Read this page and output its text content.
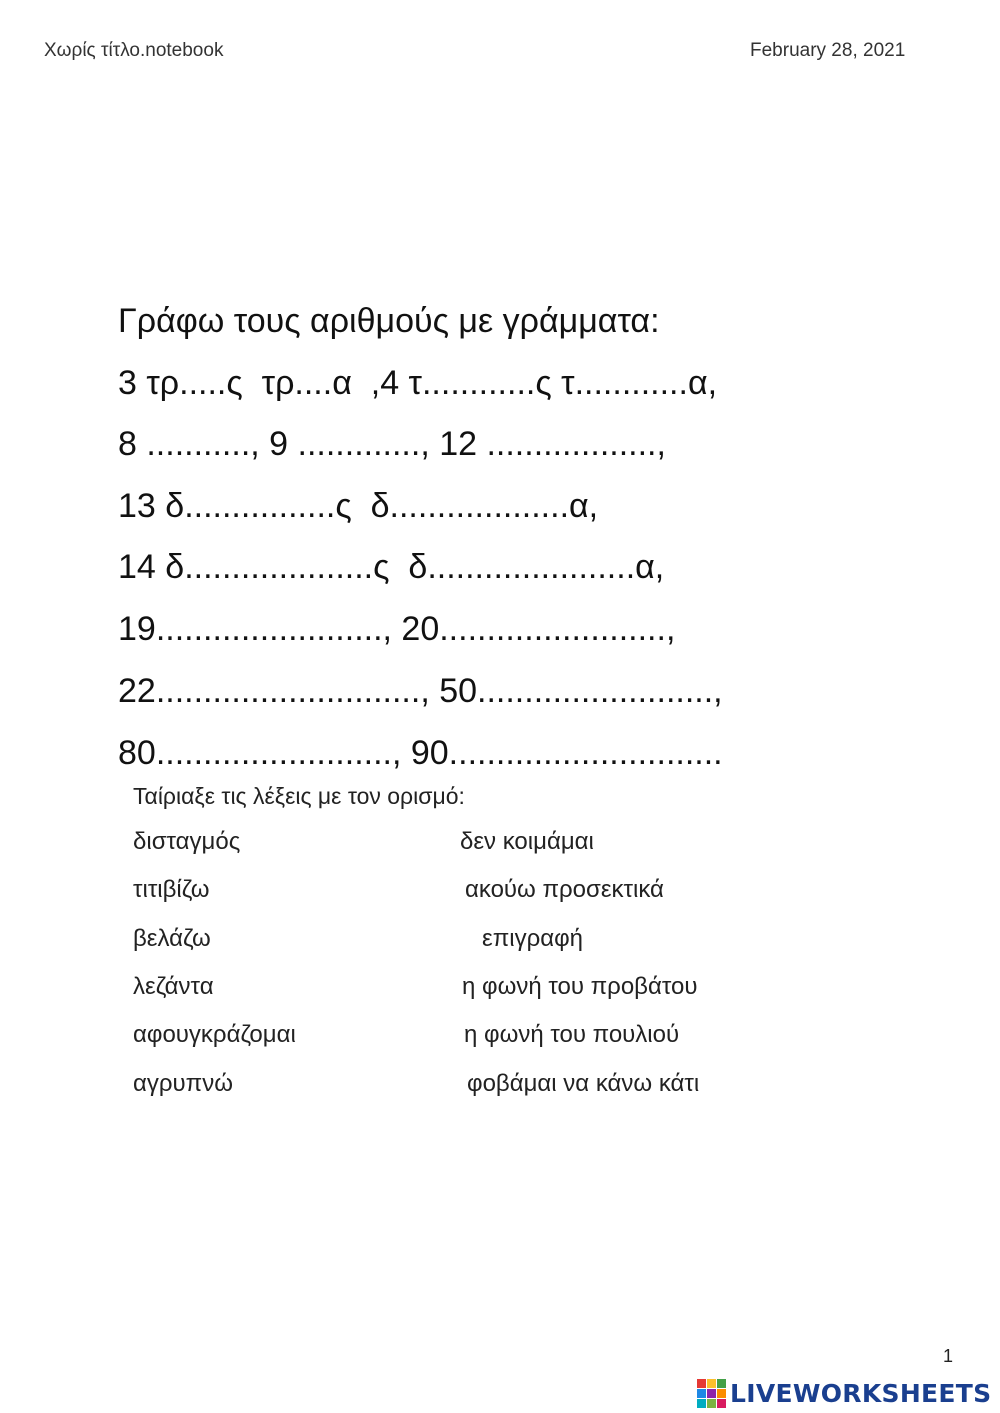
Χωρίς τίτλο.notebook	February 28, 2021
Γράφω τους αριθμούς με γράμματα:
3 τρ.....ς  τρ....α  ,4 τ............ς τ............α,
8 ..........., 9 ............., 12 ..................,
13 δ................ς  δ...................α,
14 δ....................ς  δ......................α,
19........................, 20........................,
22............................, 50.........................,
80........................., 90.............................
Ταίριαξε τις λέξεις με τον ορισμό:
δισταγμός	δεν κοιμάμαι
τιτιβίζω	ακούω προσεκτικά
βελάζω	επιγραφή
λεζάντα	η φωνή του προβάτου
αφουγκράζομαι	η φωνή του πουλιού
αγρυπνώ	φοβάμαι να κάνω κάτι
1
LIVEWORKSHEETS
